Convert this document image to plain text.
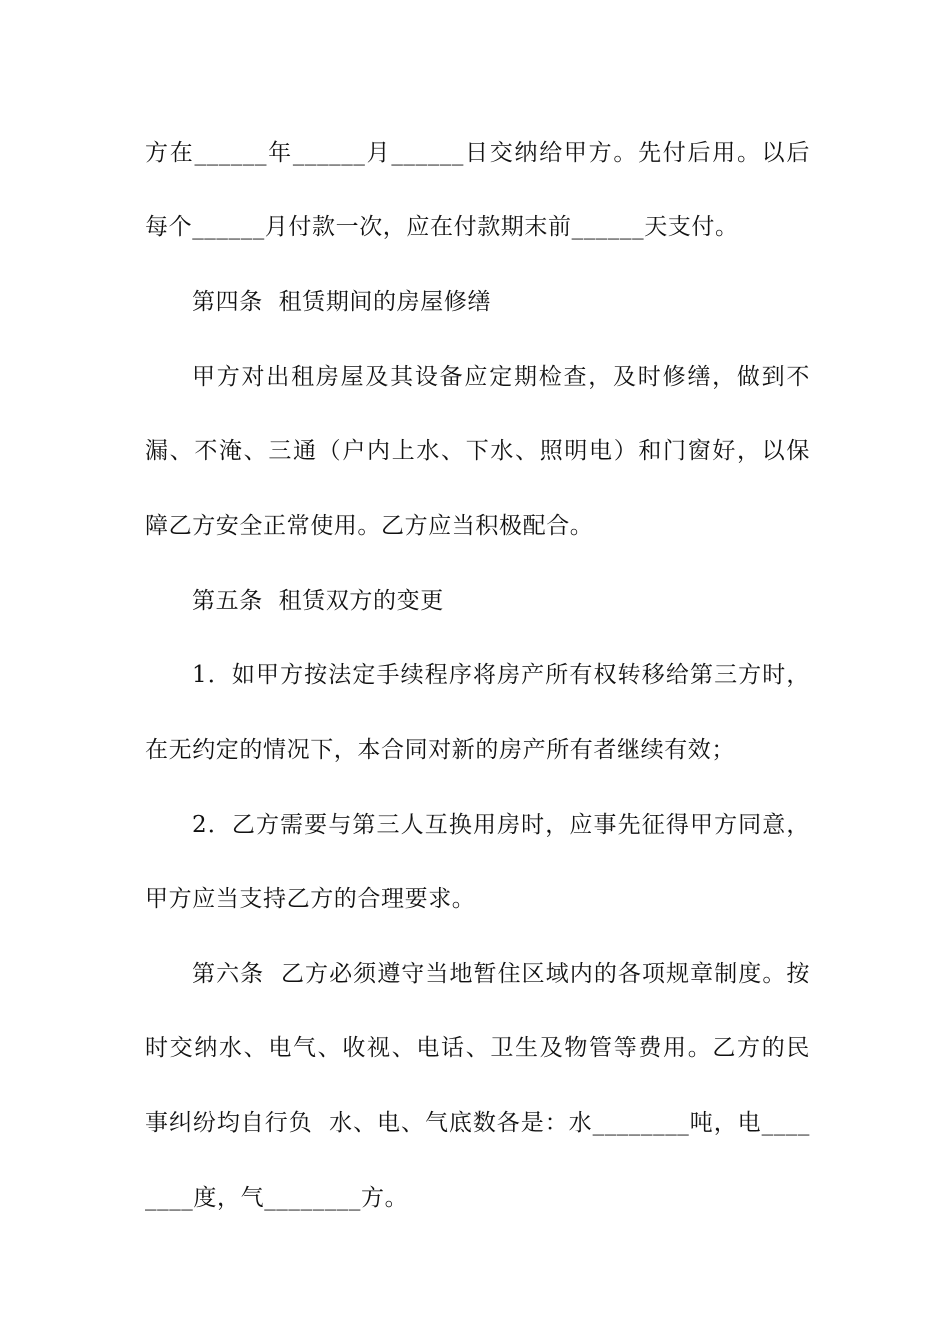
方在______年______月______日交纳给甲方。先付后用。以后
每个______月付款一次，应在付款期末前______天支付。
第四条  租赁期间的房屋修缮
甲方对出租房屋及其设备应定期检查，及时修缮，做到不
漏、不淹、三通（户内上水、下水、照明电）和门窗好，以保
障乙方安全正常使用。乙方应当积极配合。
第五条  租赁双方的变更
1．如甲方按法定手续程序将房产所有权转移给第三方时，
在无约定的情况下，本合同对新的房产所有者继续有效；
2．乙方需要与第三人互换用房时，应事先征得甲方同意，
甲方应当支持乙方的合理要求。
第六条  乙方必须遵守当地暂住区域内的各项规章制度。按
时交纳水、电气、收视、电话、卫生及物管等费用。乙方的民
事纠纷均自行负  水、电、气底数各是：水________吨，电____
____度，气________方。
